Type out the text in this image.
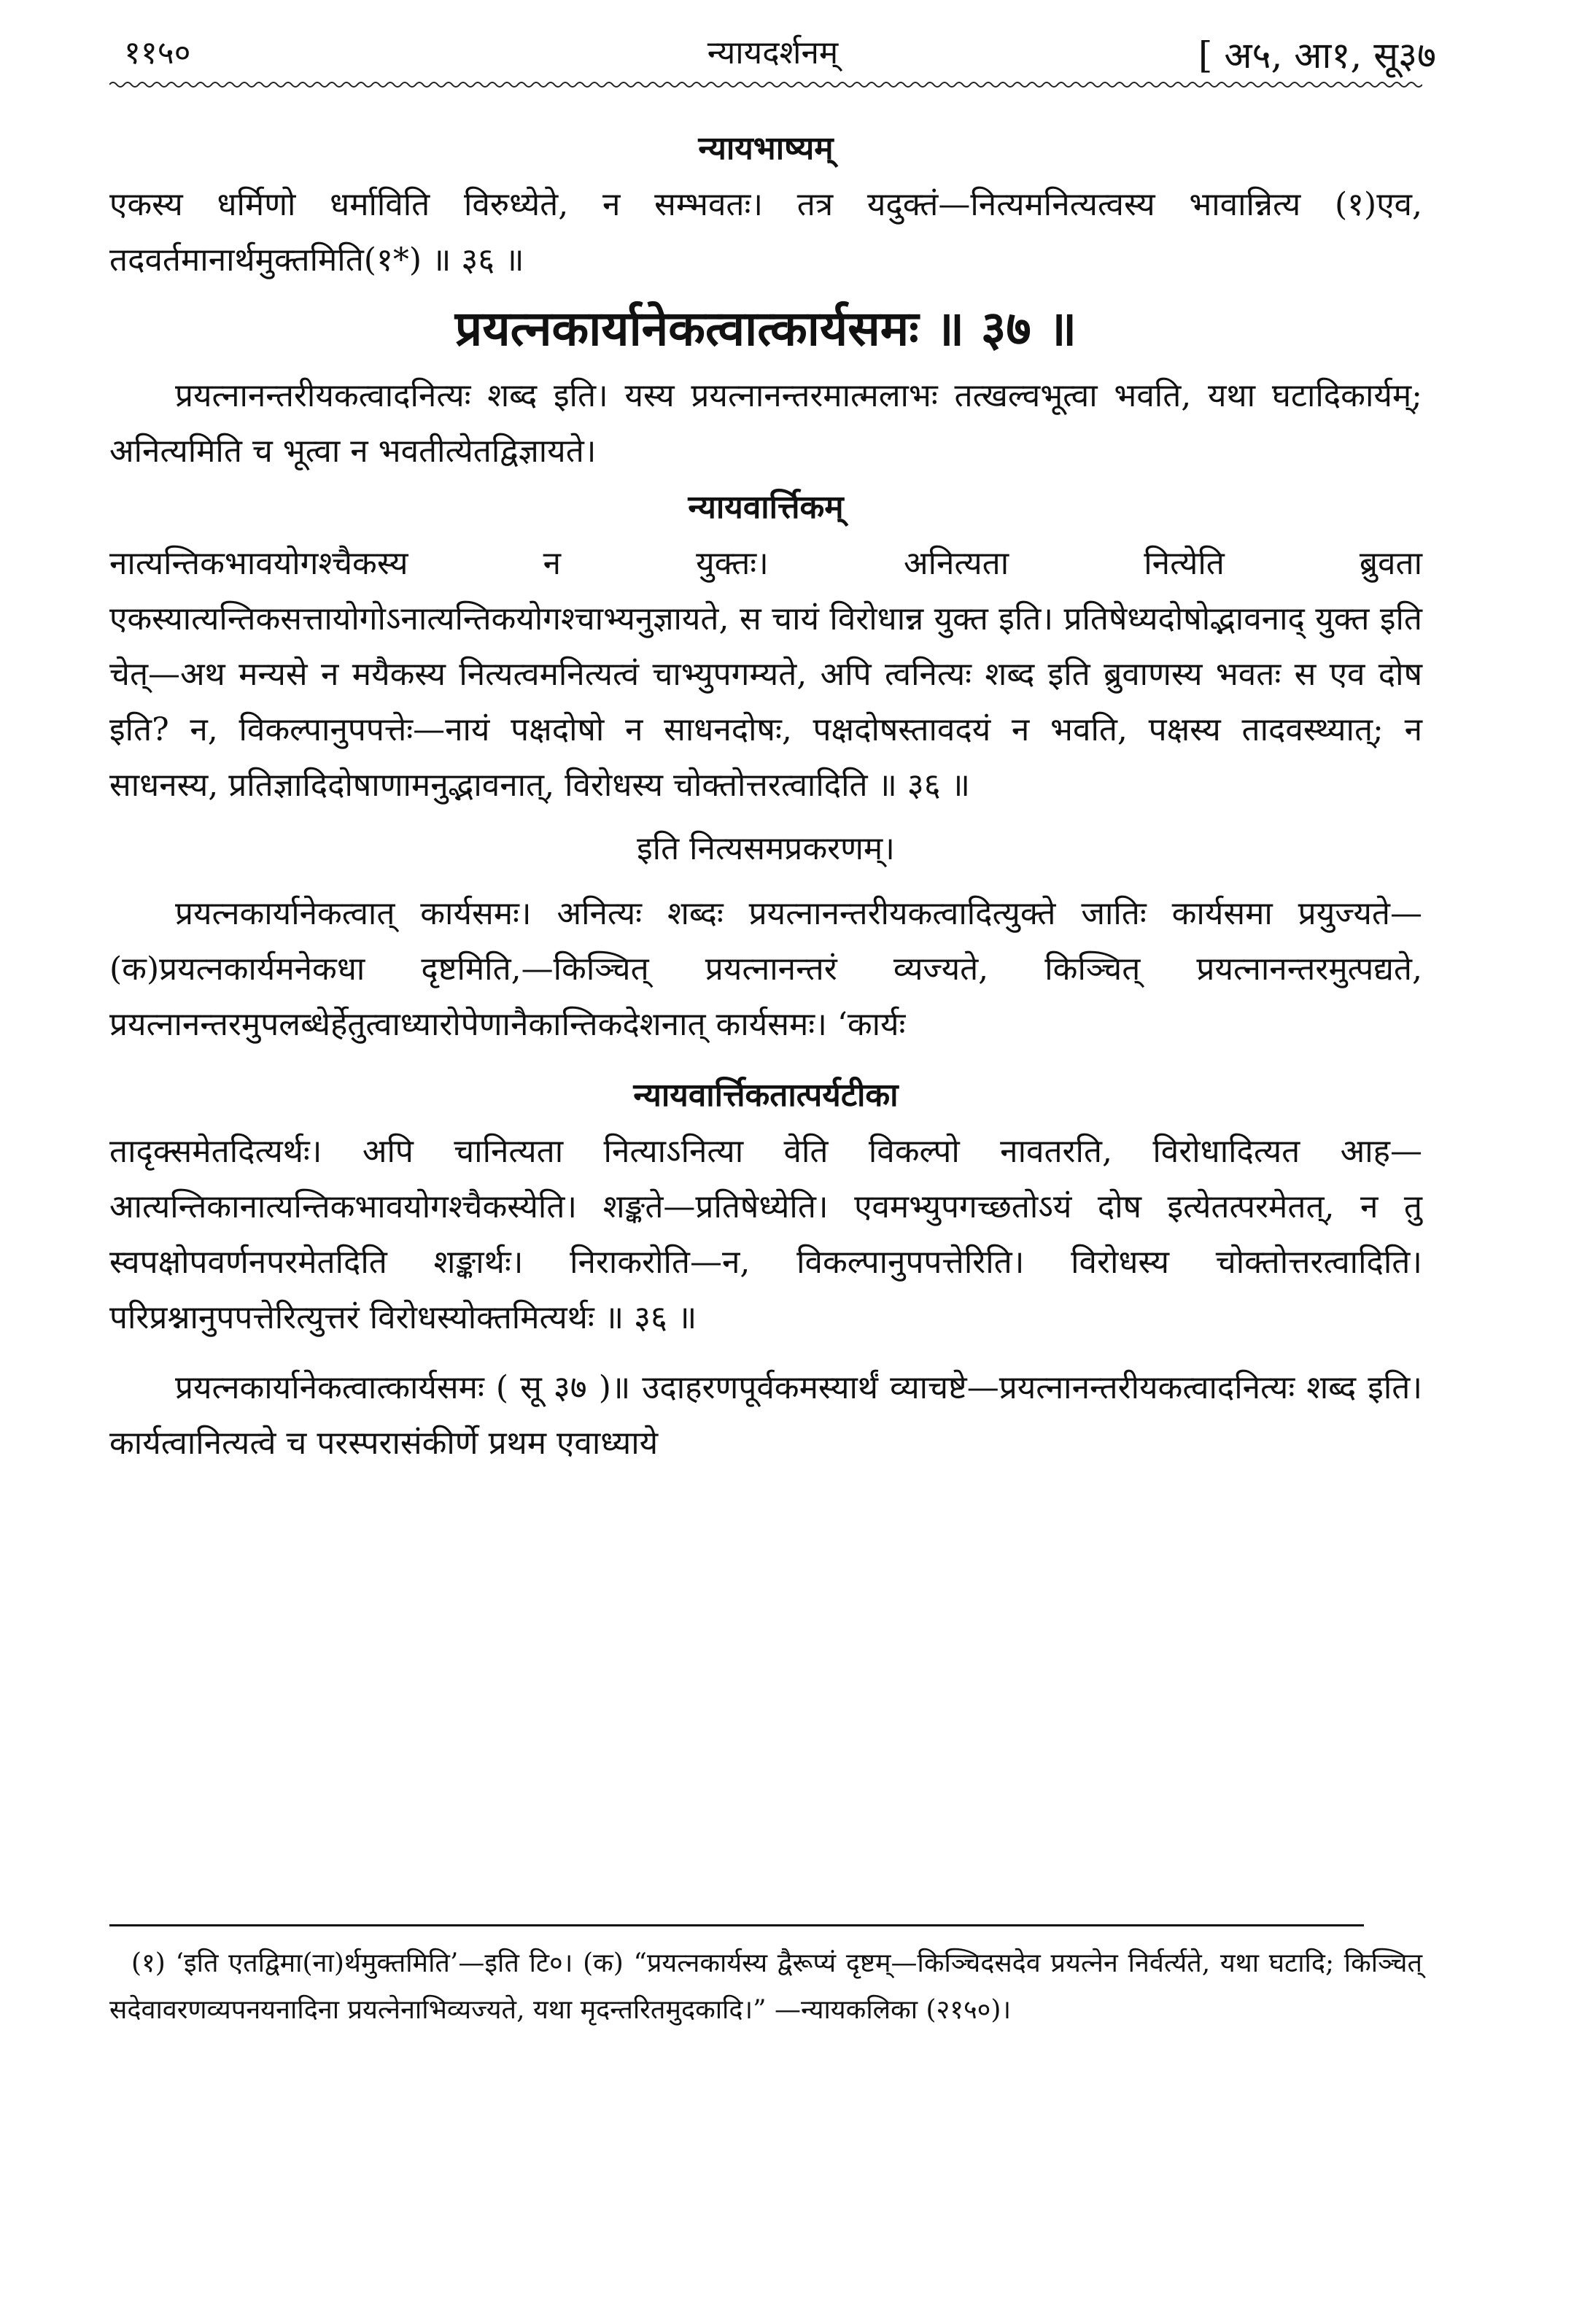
११५०	न्यायदर्शनम्	[ अ५, आ१, सू३७
न्यायभाष्यम्

एकस्य धर्मिणो धर्माविति विरुध्येते, न सम्भवतः। तत्र यदुक्तं—नित्यमनित्यत्वस्य भावान्नित्य (१)एव, तदवर्तमानार्थमुक्तमिति(१*) ॥ ३६ ॥

प्रयत्नकार्यानेकत्वात्कार्यसमः ॥ ३७ ॥

प्रयत्नानन्तरीयकत्वादनित्यः शब्द इति। यस्य प्रयत्नानन्तरमात्मलाभः तत्खल्वभूत्वा भवति, यथा घटादिकार्यम्; अनित्यमिति च भूत्वा न भवतीत्येतद्विज्ञायते।

न्यायवार्त्तिकम्

नात्यन्तिकभावयोगश्चैकस्य न युक्तः। अनित्यता नित्येति ब्रुवता एकस्यात्यन्तिकसत्तायोगोऽनात्यन्तिकयोगश्चाभ्यनुज्ञायते, स चायं विरोधान्न युक्त इति। प्रतिषेध्यदोषोद्भावनाद् युक्त इति चेत्—अथ मन्यसे न मयैकस्य नित्यत्वमनित्यत्वं चाभ्युपगम्यते, अपि त्वनित्यः शब्द इति ब्रुवाणस्य भवतः स एव दोष इति? न, विकल्पानुपपत्तेः—नायं पक्षदोषो न साधनदोषः, पक्षदोषस्तावदयं न भवति, पक्षस्य तादवस्थ्यात्; न साधनस्य, प्रतिज्ञादिदोषाणामनुद्भावनात्, विरोधस्य चोक्तोत्तरत्वादिति ॥ ३६ ॥

इति नित्यसमप्रकरणम्।

प्रयत्नकार्यानेकत्वात् कार्यसमः। अनित्यः शब्दः प्रयत्नानन्तरीयकत्वादित्युक्ते जातिः कार्यसमा प्रयुज्यते—(क)प्रयत्नकार्यमनेकधा दृष्टमिति,—किञ्चित् प्रयत्नानन्तरं व्यज्यते, किञ्चित् प्रयत्नानन्तरमुत्पद्यते, प्रयत्नानन्तरमुपलब्धेर्हेतुत्वाध्यारोपेणानैकान्तिकदेशनात् कार्यसमः। ‘कार्यः

न्यायवार्त्तिकतात्पर्यटीका

तादृक्समेतदित्यर्थः। अपि चानित्यता नित्याऽनित्या वेति विकल्पो नावतरति, विरोधादित्यत आह—आत्यन्तिकानात्यन्तिकभावयोगश्चैकस्येति। शङ्कते—प्रतिषेध्येति। एवमभ्युपगच्छतोऽयं दोष इत्येतत्परमेतत्, न तु स्वपक्षोपवर्णनपरमेतदिति शङ्कार्थः। निराकरोति—न, विकल्पानुपपत्तेरिति। विरोधस्य चोक्तोत्तरत्वादिति। परिप्रश्नानुपपत्तेरित्युत्तरं विरोधस्योक्तमित्यर्थः ॥ ३६ ॥

प्रयत्नकार्यानेकत्वात्कार्यसमः ( सू ३७ )॥ उदाहरणपूर्वकमस्यार्थं व्याचष्टे—प्रयत्नानन्तरीयकत्वादनित्यः शब्द इति। कार्यत्वानित्यत्वे च परस्परासंकीर्णे प्रथम एवाध्याये

(१) ‘इति एतद्विमा(ना)र्थमुक्तमिति’—इति टि०। (क) “प्रयत्नकार्यस्य द्वैरूप्यं दृष्टम्—किञ्चिदसदेव प्रयत्नेन निर्वर्त्यते, यथा घटादि; किञ्चित् सदेवावरणव्यपनयनादिना प्रयत्नेनाभिव्यज्यते, यथा मृदन्तरितमुदकादि।” —न्यायकलिका (२१५०)।
